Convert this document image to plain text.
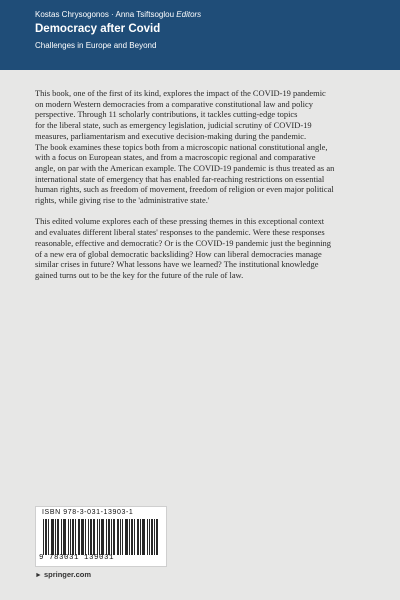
Kostas Chrysogonos · Anna Tsiftsoglou Editors
Democracy after Covid
Challenges in Europe and Beyond

This book, one of the first of its kind, explores the impact of the COVID-19 pandemic
on modern Western democracies from a comparative constitutional law and policy
perspective. Through 11 scholarly contributions, it tackles cutting-edge topics
for the liberal state, such as emergency legislation, judicial scrutiny of COVID-19
measures, parliamentarism and executive decision-making during the pandemic.
The book examines these topics both from a microscopic national constitutional angle,
with a focus on European states, and from a macroscopic regional and comparative
angle, on par with the American example. The COVID-19 pandemic is thus treated as an
international state of emergency that has enabled far-reaching restrictions on essential
human rights, such as freedom of movement, freedom of religion or even major political
rights, while giving rise to the 'administrative state.'

This edited volume explores each of these pressing themes in this exceptional context
and evaluates different liberal states' responses to the pandemic. Were these responses
reasonable, effective and democratic? Or is the COVID-19 pandemic just the beginning
of a new era of global democratic backsliding? How can liberal democracies manage
similar crises in future? What lessons have we learned? The institutional knowledge
gained turns out to be the key for the future of the rule of law.

ISBN 978-3-031-13903-1
9 783031 139031
► springer.com
